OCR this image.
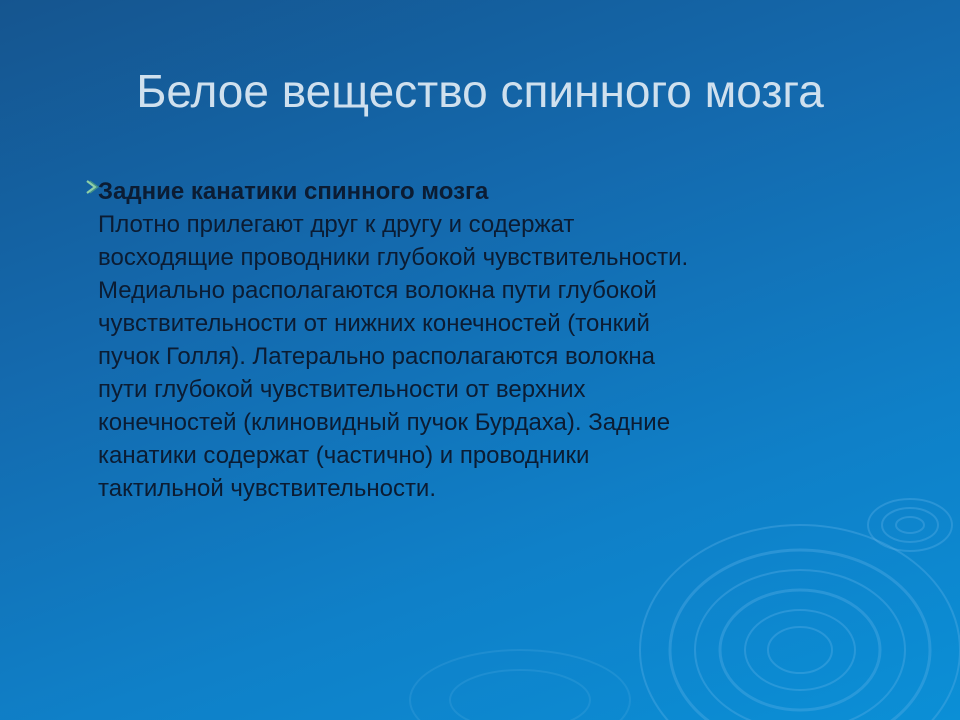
Белое вещество спинного мозга
Задние канатики спинного мозга

Плотно прилегают друг к другу и содержат

восходящие проводники глубокой чувствительности.

Медиально располагаются волокна пути глубокой

чувствительности от нижних конечностей (тонкий

пучок Голля). Латерально располагаются волокна

пути глубокой чувствительности от верхних

конечностей (клиновидный пучок Бурдаха). Задние

канатики содержат (частично) и проводники

тактильной чувствительности.
